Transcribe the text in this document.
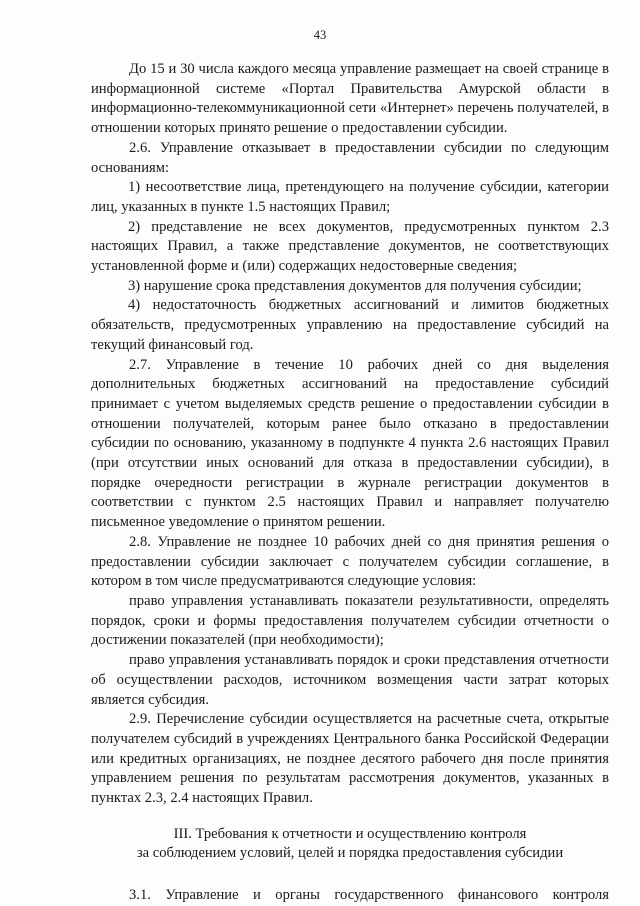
43

До 15 и 30 числа каждого месяца управление размещает на своей странице в информационной системе «Портал Правительства Амурской области в информационно-телекоммуникационной сети «Интернет» перечень получателей, в отношении которых принято решение о предоставлении субсидии.

2.6. Управление отказывает в предоставлении субсидии по следующим основаниям:

1) несоответствие лица, претендующего на получение субсидии, категории лиц, указанных в пункте 1.5 настоящих Правил;

2) представление не всех документов, предусмотренных пунктом 2.3 настоящих Правил, а также представление документов, не соответствующих установленной форме и (или) содержащих недостоверные сведения;

3) нарушение срока представления документов для получения субсидии;

4) недостаточность бюджетных ассигнований и лимитов бюджетных обязательств, предусмотренных управлению на предоставление субсидий на текущий финансовый год.

2.7. Управление в течение 10 рабочих дней со дня выделения дополнительных бюджетных ассигнований на предоставление субсидий принимает с учетом выделяемых средств решение о предоставлении субсидии в отношении получателей, которым ранее было отказано в предоставлении субсидии по основанию, указанному в подпункте 4 пункта 2.6 настоящих Правил (при отсутствии иных оснований для отказа в предоставлении субсидии), в порядке очередности регистрации в журнале регистрации документов в соответствии с пунктом 2.5 настоящих Правил и направляет получателю письменное уведомление о принятом решении.

2.8. Управление не позднее 10 рабочих дней со дня принятия решения о предоставлении субсидии заключает с получателем субсидии соглашение, в котором в том числе предусматриваются следующие условия:

право управления устанавливать показатели результативности, определять порядок, сроки и формы предоставления получателем субсидии отчетности о достижении показателей (при необходимости);

право управления устанавливать порядок и сроки представления отчетности об осуществлении расходов, источником возмещения части затрат которых является субсидия.

2.9. Перечисление субсидии осуществляется на расчетные счета, открытые получателем субсидий в учреждениях Центрального банка Российской Федерации или кредитных организациях, не позднее десятого рабочего дня после принятия управлением решения по результатам рассмотрения документов, указанных в пунктах 2.3, 2.4 настоящих Правил.

III. Требования к отчетности и осуществлению контроля

за соблюдением условий, целей и порядка предоставления субсидии

3.1. Управление и органы государственного финансового контроля
